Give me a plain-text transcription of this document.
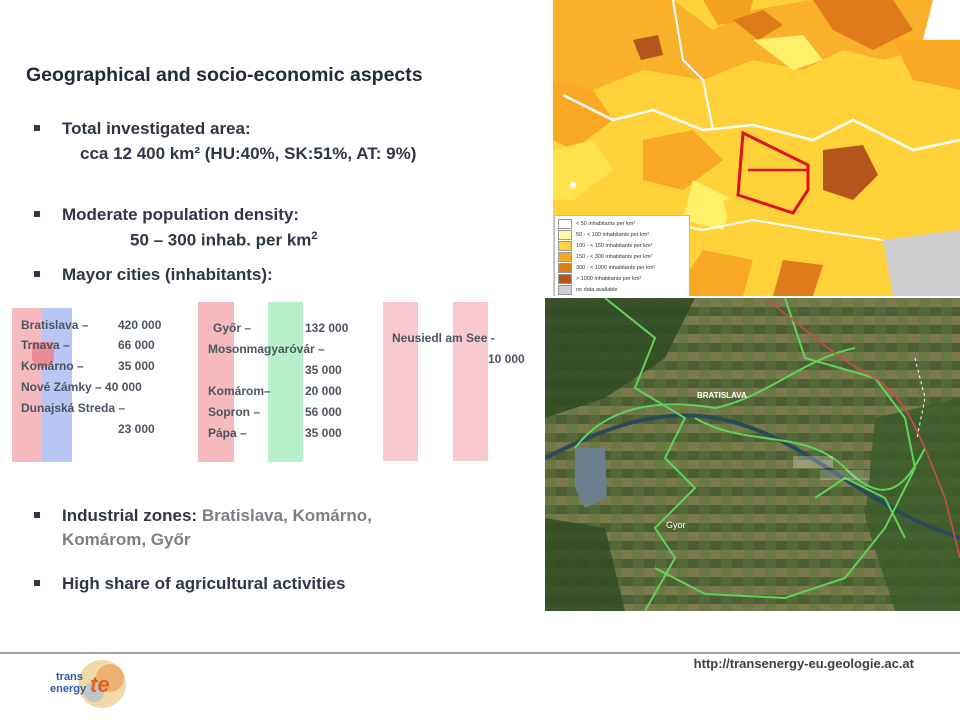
Geographical and socio-economic aspects
Total investigated area:
cca 12 400 km² (HU:40%, SK:51%, AT: 9%)
Moderate population density:
50 – 300 inhab. per $km^2$
Mayor cities (inhabitants):
Bratislava – 420 000
Trnava –	66 000
Komárno –	35 000
Nové Zámky – 40 000
Dunajská Streda –
23 000
Győr –	132 000
Mosonmagyaróvár –
35 000
Komárom–	20 000
Sopron –	56 000
Pápa –	35 000
Neusiedl am See -
10 000
Industrial zones: Bratislava, Komárno,
Komárom, Győr
High share of agricultural activities
< 50 inhabitants per km²
50 - < 100 inhabitants per km²
100 - < 150 inhabitants per km²
150 - < 300 inhabitants per km²
300 - < 1000 inhabitants per km²
> 1000 inhabitants per km²
no data available
BRATISLAVA
Gyor
http://transenergy-eu.geologie.ac.at
trans
energy te
